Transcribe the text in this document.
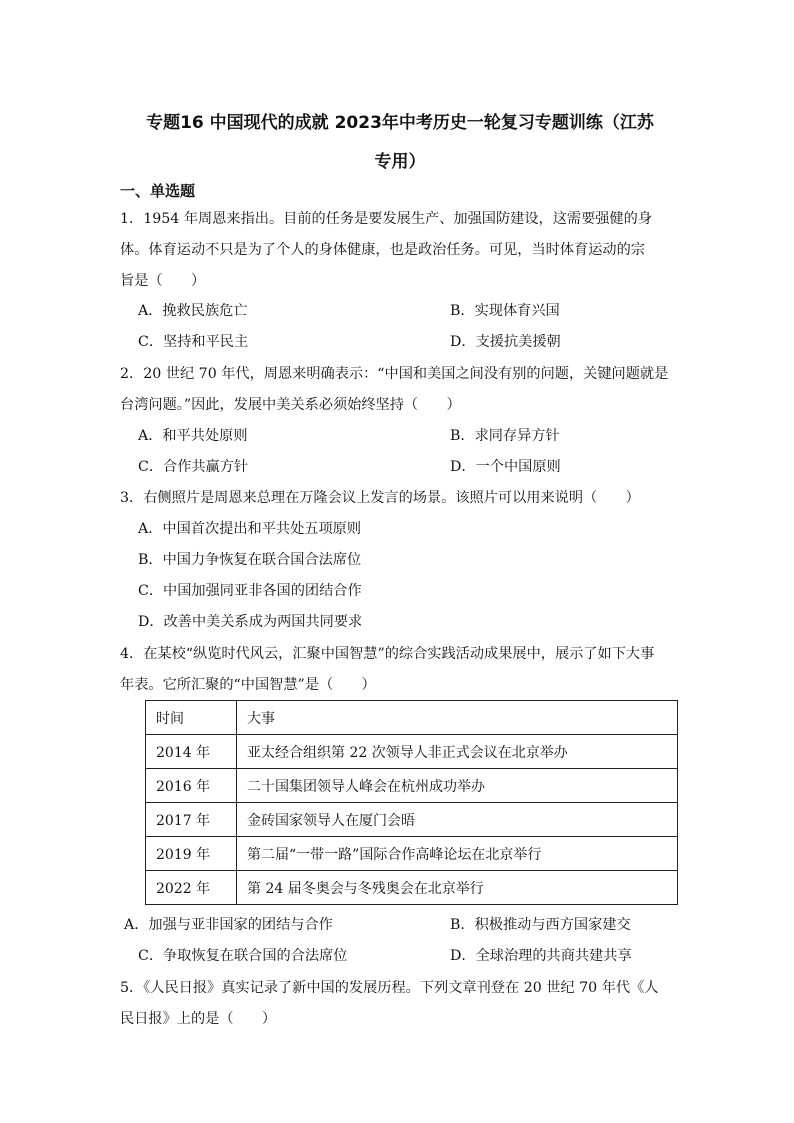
专题16 中国现代的成就 2023年中考历史一轮复习专题训练（江苏
专用）
一、单选题
1．1954 年周恩来指出。目前的任务是要发展生产、加强国防建设，这需要强健的身
体。体育运动不只是为了个人的身体健康，也是政治任务。可见，当时体育运动的宗
旨是（　　）
A．挽救民族危亡	B．实现体育兴国
C．坚持和平民主	D．支援抗美援朝
2．20 世纪 70 年代，周恩来明确表示：“中国和美国之间没有别的问题，关键问题就是
台湾问题。”因此，发展中美关系必须始终坚持（　　）
A．和平共处原则	B．求同存异方针
C．合作共赢方针	D．一个中国原则
3．右侧照片是周恩来总理在万隆会议上发言的场景。该照片可以用来说明（　　）
A．中国首次提出和平共处五项原则
B．中国力争恢复在联合国合法席位
C．中国加强同亚非各国的团结合作
D．改善中美关系成为两国共同要求
4．在某校“纵览时代风云，汇聚中国智慧”的综合实践活动成果展中，展示了如下大事
年表。它所汇聚的“中国智慧”是（　　）
时间	大事
2014 年	亚太经合组织第 22 次领导人非正式会议在北京举办
2016 年	二十国集团领导人峰会在杭州成功举办
2017 年	金砖国家领导人在厦门会晤
2019 年	第二届“一带一路”国际合作高峰论坛在北京举行
2022 年	第 24 届冬奥会与冬残奥会在北京举行
A．加强与亚非国家的团结与合作	B．积极推动与西方国家建交
C．争取恢复在联合国的合法席位	D．全球治理的共商共建共享
5．《人民日报》真实记录了新中国的发展历程。下列文章刊登在 20 世纪 70 年代《人
民日报》上的是（　　）
